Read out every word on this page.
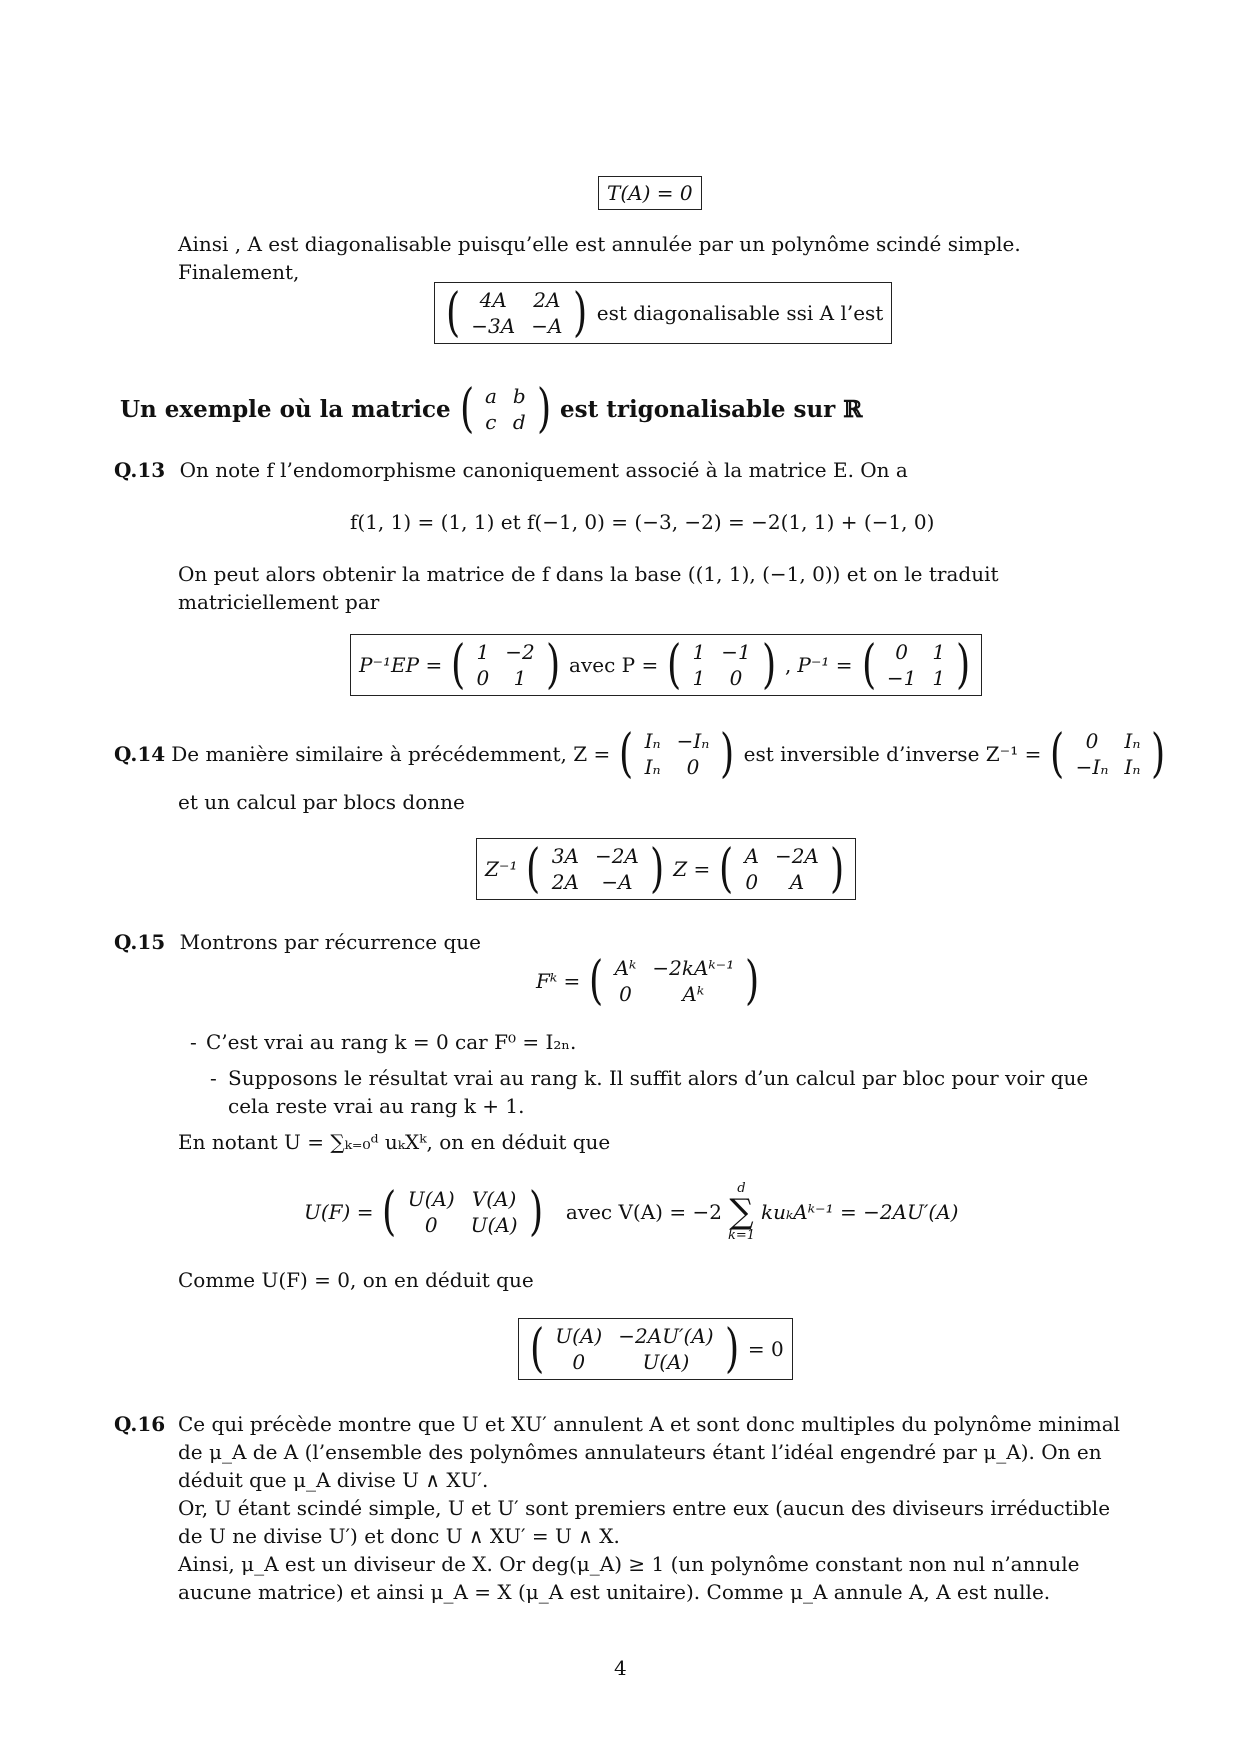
T(A) = 0
Ainsi , A est diagonalisable puisqu’elle est annulée par un polynôme scindé simple. Finalement,
( 4A	2A
−3A	−A ) est diagonalisable ssi A l’est
Un exemple où la matrice ( a	b
c	d ) est trigonalisable sur ℝ
Q.13 On note f l’endomorphisme canoniquement associé à la matrice E. On a
f(1, 1) = (1, 1) et f(−1, 0) = (−3, −2) = −2(1, 1) + (−1, 0)
On peut alors obtenir la matrice de f dans la base ((1, 1), (−1, 0)) et on le traduit matriciellement par
P⁻¹EP = ( 1	−2
0	1 ) avec P = ( 1	−1
1	0 ) , P⁻¹ = ( 0	1
−1	1 )
Q.14 De manière similaire à précédemment, Z = ( Iₙ	−Iₙ
Iₙ	0 ) est inversible d’inverse Z⁻¹ = ( 0	Iₙ
−Iₙ	Iₙ )
et un calcul par blocs donne
Z⁻¹ ( 3A	−2A
2A	−A ) Z = ( A	−2A
0	A )
Q.15 Montrons par récurrence que
Fᵏ = ( Aᵏ	−2kAᵏ⁻¹
0	Aᵏ )
- C’est vrai au rang k = 0 car F⁰ = I₂ₙ.
- Supposons le résultat vrai au rang k. Il suffit alors d’un calcul par bloc pour voir que cela reste vrai au rang k + 1.
En notant U = ∑ₖ₌₀ᵈ uₖXᵏ, on en déduit que
U(F) = ( U(A)	V(A)
0	U(A) ) avec V(A) = −2
d
∑
k=1
kuₖAᵏ⁻¹ = −2AU′(A)
Comme U(F) = 0, on en déduit que
( U(A)	−2AU′(A)
0	U(A) ) = 0
Q.16 Ce qui précède montre que U et XU′ annulent A et sont donc multiples du polynôme minimal de μ_A de A (l’ensemble des polynômes annulateurs étant l’idéal engendré par μ_A). On en déduit que μ_A divise U ∧ XU′.
Or, U étant scindé simple, U et U′ sont premiers entre eux (aucun des diviseurs irréductible de U ne divise U′) et donc U ∧ XU′ = U ∧ X.
Ainsi, μ_A est un diviseur de X. Or deg(μ_A) ≥ 1 (un polynôme constant non nul n’annule aucune matrice) et ainsi μ_A = X (μ_A est unitaire). Comme μ_A annule A, A est nulle.
4
